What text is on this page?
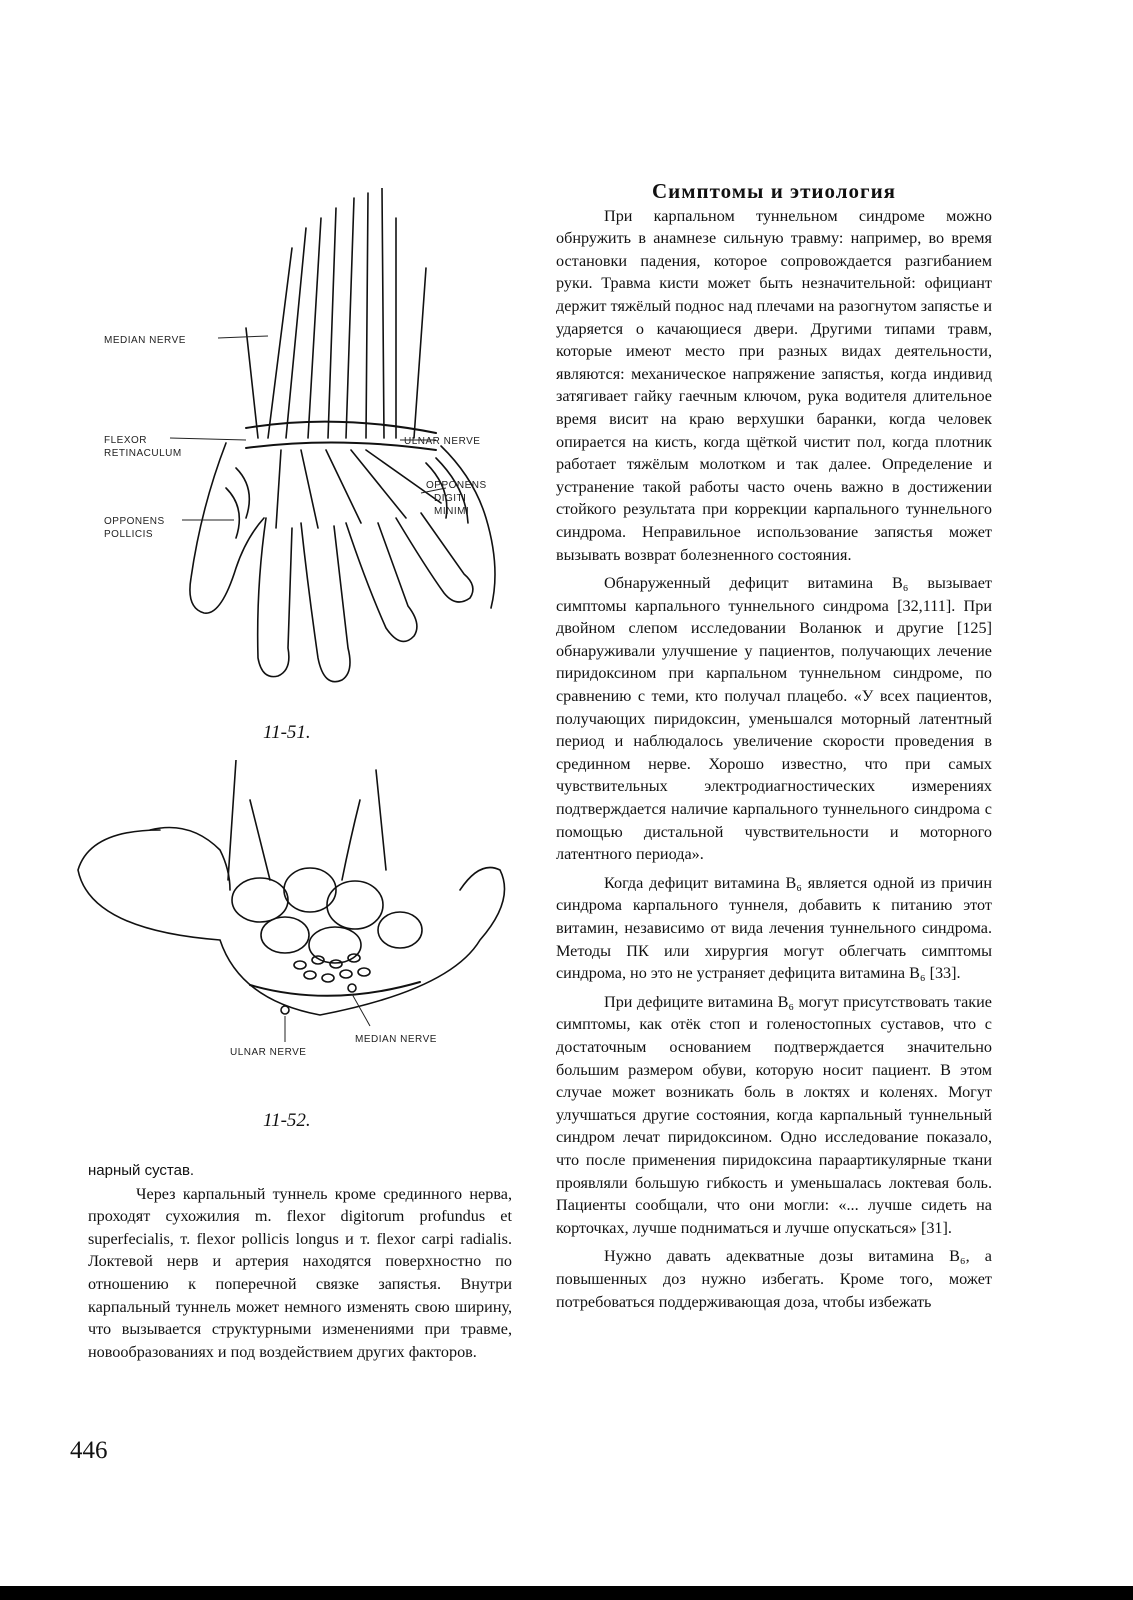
MEDIAN NERVE
FLEXOR
RETINACULUM
ULNAR NERVE
OPPONENS
DIGITI
MINIMI
OPPONENS
POLLICIS
11-51.
ULNAR NERVE
MEDIAN NERVE
11-52.

нарный сустав.

Через карпальный туннель кроме срединного нерва, проходят сухожилия m. flexor digitorum profundus et superfecialis, т. flexor pollicis longus и т. flexor carpi radialis. Локтевой нерв и артерия находятся поверхностно по отношению к поперечной связке запястья. Внутри карпальный туннель может немного изменять свою ширину, что вызывается структурными изменениями при травме, новообразованиях и под воздействием других факторов.

Симптомы и этиология

При карпальном туннельном синдроме можно обнружить в анамнезе сильную травму: например, во время остановки падения, которое сопровождается разгибанием руки. Травма кисти может быть незначительной: официант держит тяжёлый поднос над плечами на разогнутом запястье и ударяется о качающиеся двери. Другими типами травм, которые имеют место при разных видах деятельности, являются: механическое напряжение запястья, когда индивид затягивает гайку гаечным ключом, рука водителя длительное время висит на краю верхушки баранки, когда человек опирается на кисть, когда щёткой чистит пол, когда плотник работает тяжёлым молотком и так далее. Определение и устранение такой работы часто очень важно в достижении стойкого результата при коррекции карпального туннельного синдрома. Неправильное использование запястья может вызывать возврат болезненного состояния.

Обнаруженный дефицит витамина B₆ вызывает симптомы карпального туннельного синдрома [32,111]. При двойном слепом исследовании Воланюк и другие [125] обнаруживали улучшение у пациентов, получающих лечение пиридоксином при карпальном туннельном синдроме, по сравнению с теми, кто получал плацебо. «У всех пациентов, получающих пиридоксин, уменьшался моторный латентный период и наблюдалось увеличение скорости проведения в срединном нерве. Хорошо известно, что при самых чувствительных электродиагностических измерениях подтверждается наличие карпального туннельного синдрома с помощью дистальной чувствительности и моторного латентного периода».

Когда дефицит витамина B₆ является одной из причин синдрома карпального туннеля, добавить к питанию этот витамин, независимо от вида лечения туннельного синдрома. Методы ПК или хирургия могут облегчать симптомы синдрома, но это не устраняет дефицита витамина B₆ [33].

При дефиците витамина B₆ могут присутствовать такие симптомы, как отёк стоп и голеностопных суставов, что с достаточным основанием подтверждается значительно большим размером обуви, которую носит пациент. В этом случае может возникать боль в локтях и коленях. Могут улучшаться другие состояния, когда карпальный туннельный синдром лечат пиридоксином. Одно исследование показало, что после применения пиридоксина параартикулярные ткани проявляли большую гибкость и уменьшалась локтевая боль. Пациенты сообщали, что они могли: «... лучше сидеть на корточках, лучше подниматься и лучше опускаться» [31].

Нужно давать адекватные дозы витамина B₆, а повышенных доз нужно избегать. Кроме того, может потребоваться поддерживающая доза, чтобы избежать

446
